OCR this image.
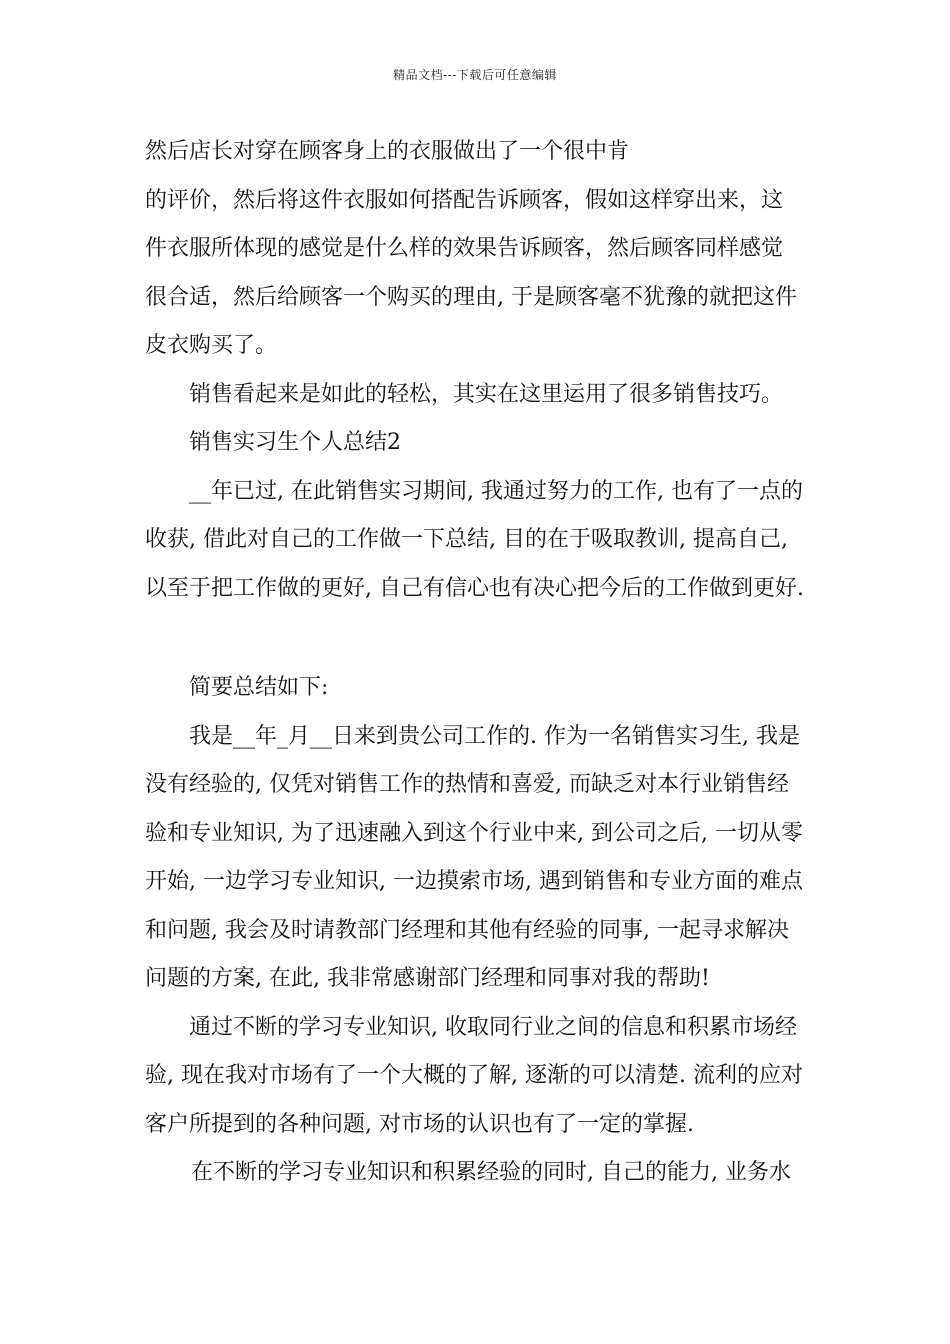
精品文档---下载后可任意编辑
然后店长对穿在顾客身上的衣服做出了一个很中肯
的评价，然后将这件衣服如何搭配告诉顾客，假如这样穿出来，这
件衣服所体现的感觉是什么样的效果告诉顾客，然后顾客同样感觉
很合适，然后给顾客一个购买的理由, 于是顾客毫不犹豫的就把这件
皮衣购买了。
销售看起来是如此的轻松，其实在这里运用了很多销售技巧。
销售实习生个人总结2
__年已过, 在此销售实习期间, 我通过努力的工作, 也有了一点的
收获, 借此对自己的工作做一下总结, 目的在于吸取教训, 提高自己,
以至于把工作做的更好, 自己有信心也有决心把今后的工作做到更好.
简要总结如下:
我是__年_月__日来到贵公司工作的. 作为一名销售实习生, 我是
没有经验的, 仅凭对销售工作的热情和喜爱, 而缺乏对本行业销售经
验和专业知识, 为了迅速融入到这个行业中来, 到公司之后, 一切从零
开始, 一边学习专业知识, 一边摸索市场, 遇到销售和专业方面的难点
和问题, 我会及时请教部门经理和其他有经验的同事, 一起寻求解决
问题的方案, 在此, 我非常感谢部门经理和同事对我的帮助!
通过不断的学习专业知识, 收取同行业之间的信息和积累市场经
验, 现在我对市场有了一个大概的了解, 逐渐的可以清楚. 流利的应对
客户所提到的各种问题, 对市场的认识也有了一定的掌握.
在不断的学习专业知识和积累经验的同时, 自己的能力, 业务水
